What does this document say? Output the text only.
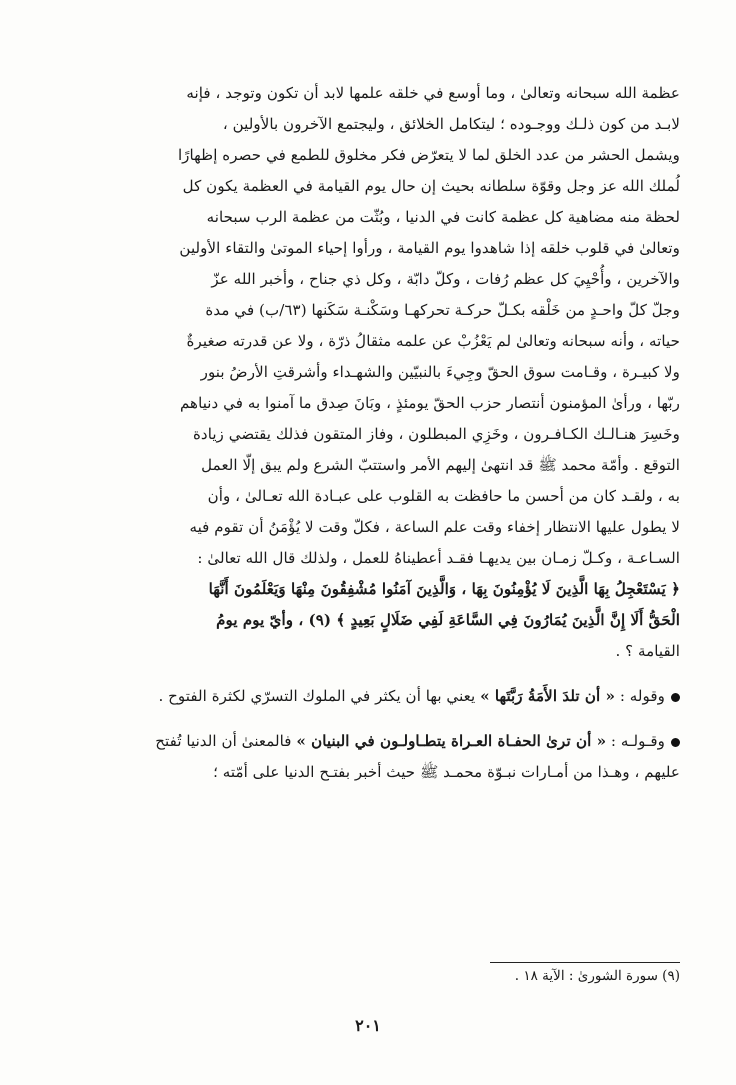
عظمة الله سبحانه وتعالىٰ ، وما أوسع في خلقه علمها لابد أن تكون وتوجد ، فإنه

لابـد من كون ذلـك ووجـوده ؛ ليتكامل الخلائق ، وليجتمع الآخرون بالأولين ،

ويشمل الحشر من عدد الخلق لما لا يتعرّض فكر مخلوق للطمع في حصره إظهارًا

لُملك الله عز وجل وقوّة سلطانه بحيث إن حال يوم القيامة في العظمة يكون كل

لحظة منه مضاهية كل عظمة كانت في الدنيا ، وبُثّت من عظمة الرب سبحانه

وتعالىٰ في قلوب خلقه إذا شاهدوا يوم القيامة ، ورأوا إحياء الموتىٰ والتقاء الأولين

والآخرين ، وأُحْيِيَ كل عظم رُفات ، وكلّ دابّة ، وكل ذي جناح ، وأخبر الله عزّ

وجلّ كلّ واحـدٍ من خَلْقه بكـلّ حركـة تحركهـا وسَكْنـة سَكَنها (٦٣/ب) في مدة

حياته ، وأنه سبحانه وتعالىٰ لم يَعْزُبْ عن علمه مثقالُ ذرّة ، ولا عن قدرته صغيرةٌ

ولا كبيـرة ، وقـامت سوق الحقّ وجِيءَ بالنبيّين والشهـداء وأشرقتِ الأرضُ بنور

ربّها ، ورأىٰ المؤمنون أنتصار حزب الحقّ يومئذٍ ، وبَانَ صِدق ما آمنوا به في دنياهم

وخَسِرَ هنـالـك الكـافـرون ، وخَزِي المبطلون ، وفاز المتقون فذلك يقتضي زيادة

التوقع . وأمّة محمد ﷺ قد انتهىٰ إليهم الأمر واستتبّ الشرع ولم يبق إلّا العمل

به ، ولقـد كان من أحسن ما حافظت به القلوب على عبـادة الله تعـالىٰ ، وأن

لا يطول عليها الانتظار إخفاء وقت علم الساعة ، فكلّ وقت لا يُؤْمَنُ أن تقوم فيه

السـاعـة ، وكـلّ زمـان بين يديهـا فقـد أعطيناهُ للعمل ، ولذلك قال الله تعالىٰ :

﴿ يَسْتَعْجِلُ بِهَا الَّذِينَ لَا يُؤْمِنُونَ بِهَا ، وَالَّذِينَ آمَنُوا مُشْفِقُونَ مِنْهَا وَيَعْلَمُونَ أَنَّهَا

الْحَقُّ أَلَا إِنَّ الَّذِينَ يُمَارُونَ فِي السَّاعَةِ لَفِي ضَلَالٍ بَعِيدٍ ﴾ (٩) ، وأيّ يوم يومُ

القيامة ؟ .

وقوله : « أن تلدَ الأَمَةُ رَبَّتَها » يعني بها أن يكثر في الملوك التسرّي لكثرة الفتوح .

وقـولـه : « أن ترىٰ الحفـاة العـراة يتطـاولـون في البنيان » فالمعنىٰ أن الدنيا تُفتح

عليهم ، وهـذا من أمـارات نبـوّة محمـد ﷺ حيث أخبر بفتـح الدنيا على أمّته ؛

(٩) سورة الشورىٰ : الآية ١٨ .
٢٠١
